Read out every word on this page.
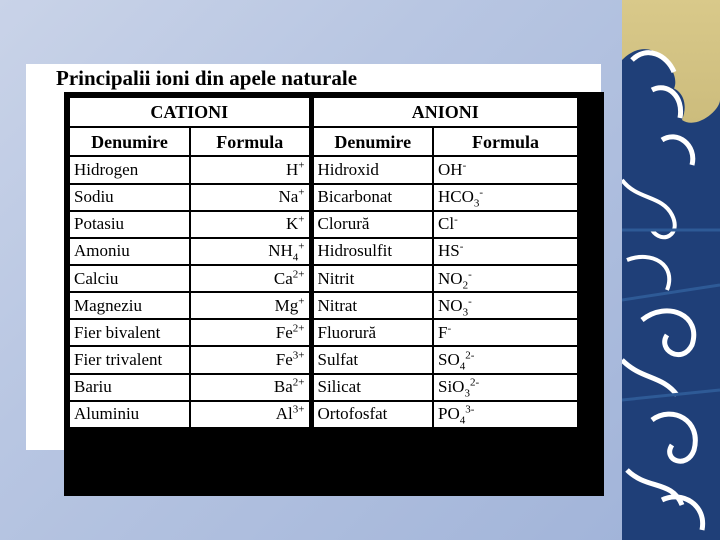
Principalii ioni din apele naturale
CATIONI		ANIONI	
Denumire	Formula	Denumire	Formula
Hidrogen	H+	Hidroxid	OH-
Sodiu	Na+	Bicarbonat	$HCO_3^-$
Potasiu	K+	Clorură	Cl-
Amoniu	$NH_4^+$	Hidrosulfit	HS-
Calciu	$Ca^{2+}$	Nitrit	$NO_2^-$
Magneziu	Mg+	Nitrat	$NO_3^-$
Fier bivalent	$Fe^{2+}$	Fluorură	F-
Fier trivalent	$Fe^{3+}$	Sulfat	$SO_4^{2-}$
Bariu	$Ba^{2+}$	Silicat	SiO$_3^{2-}$
Aluminiu	$Al^{3+}$	Ortofosfat	$PO_4^{3-}$
